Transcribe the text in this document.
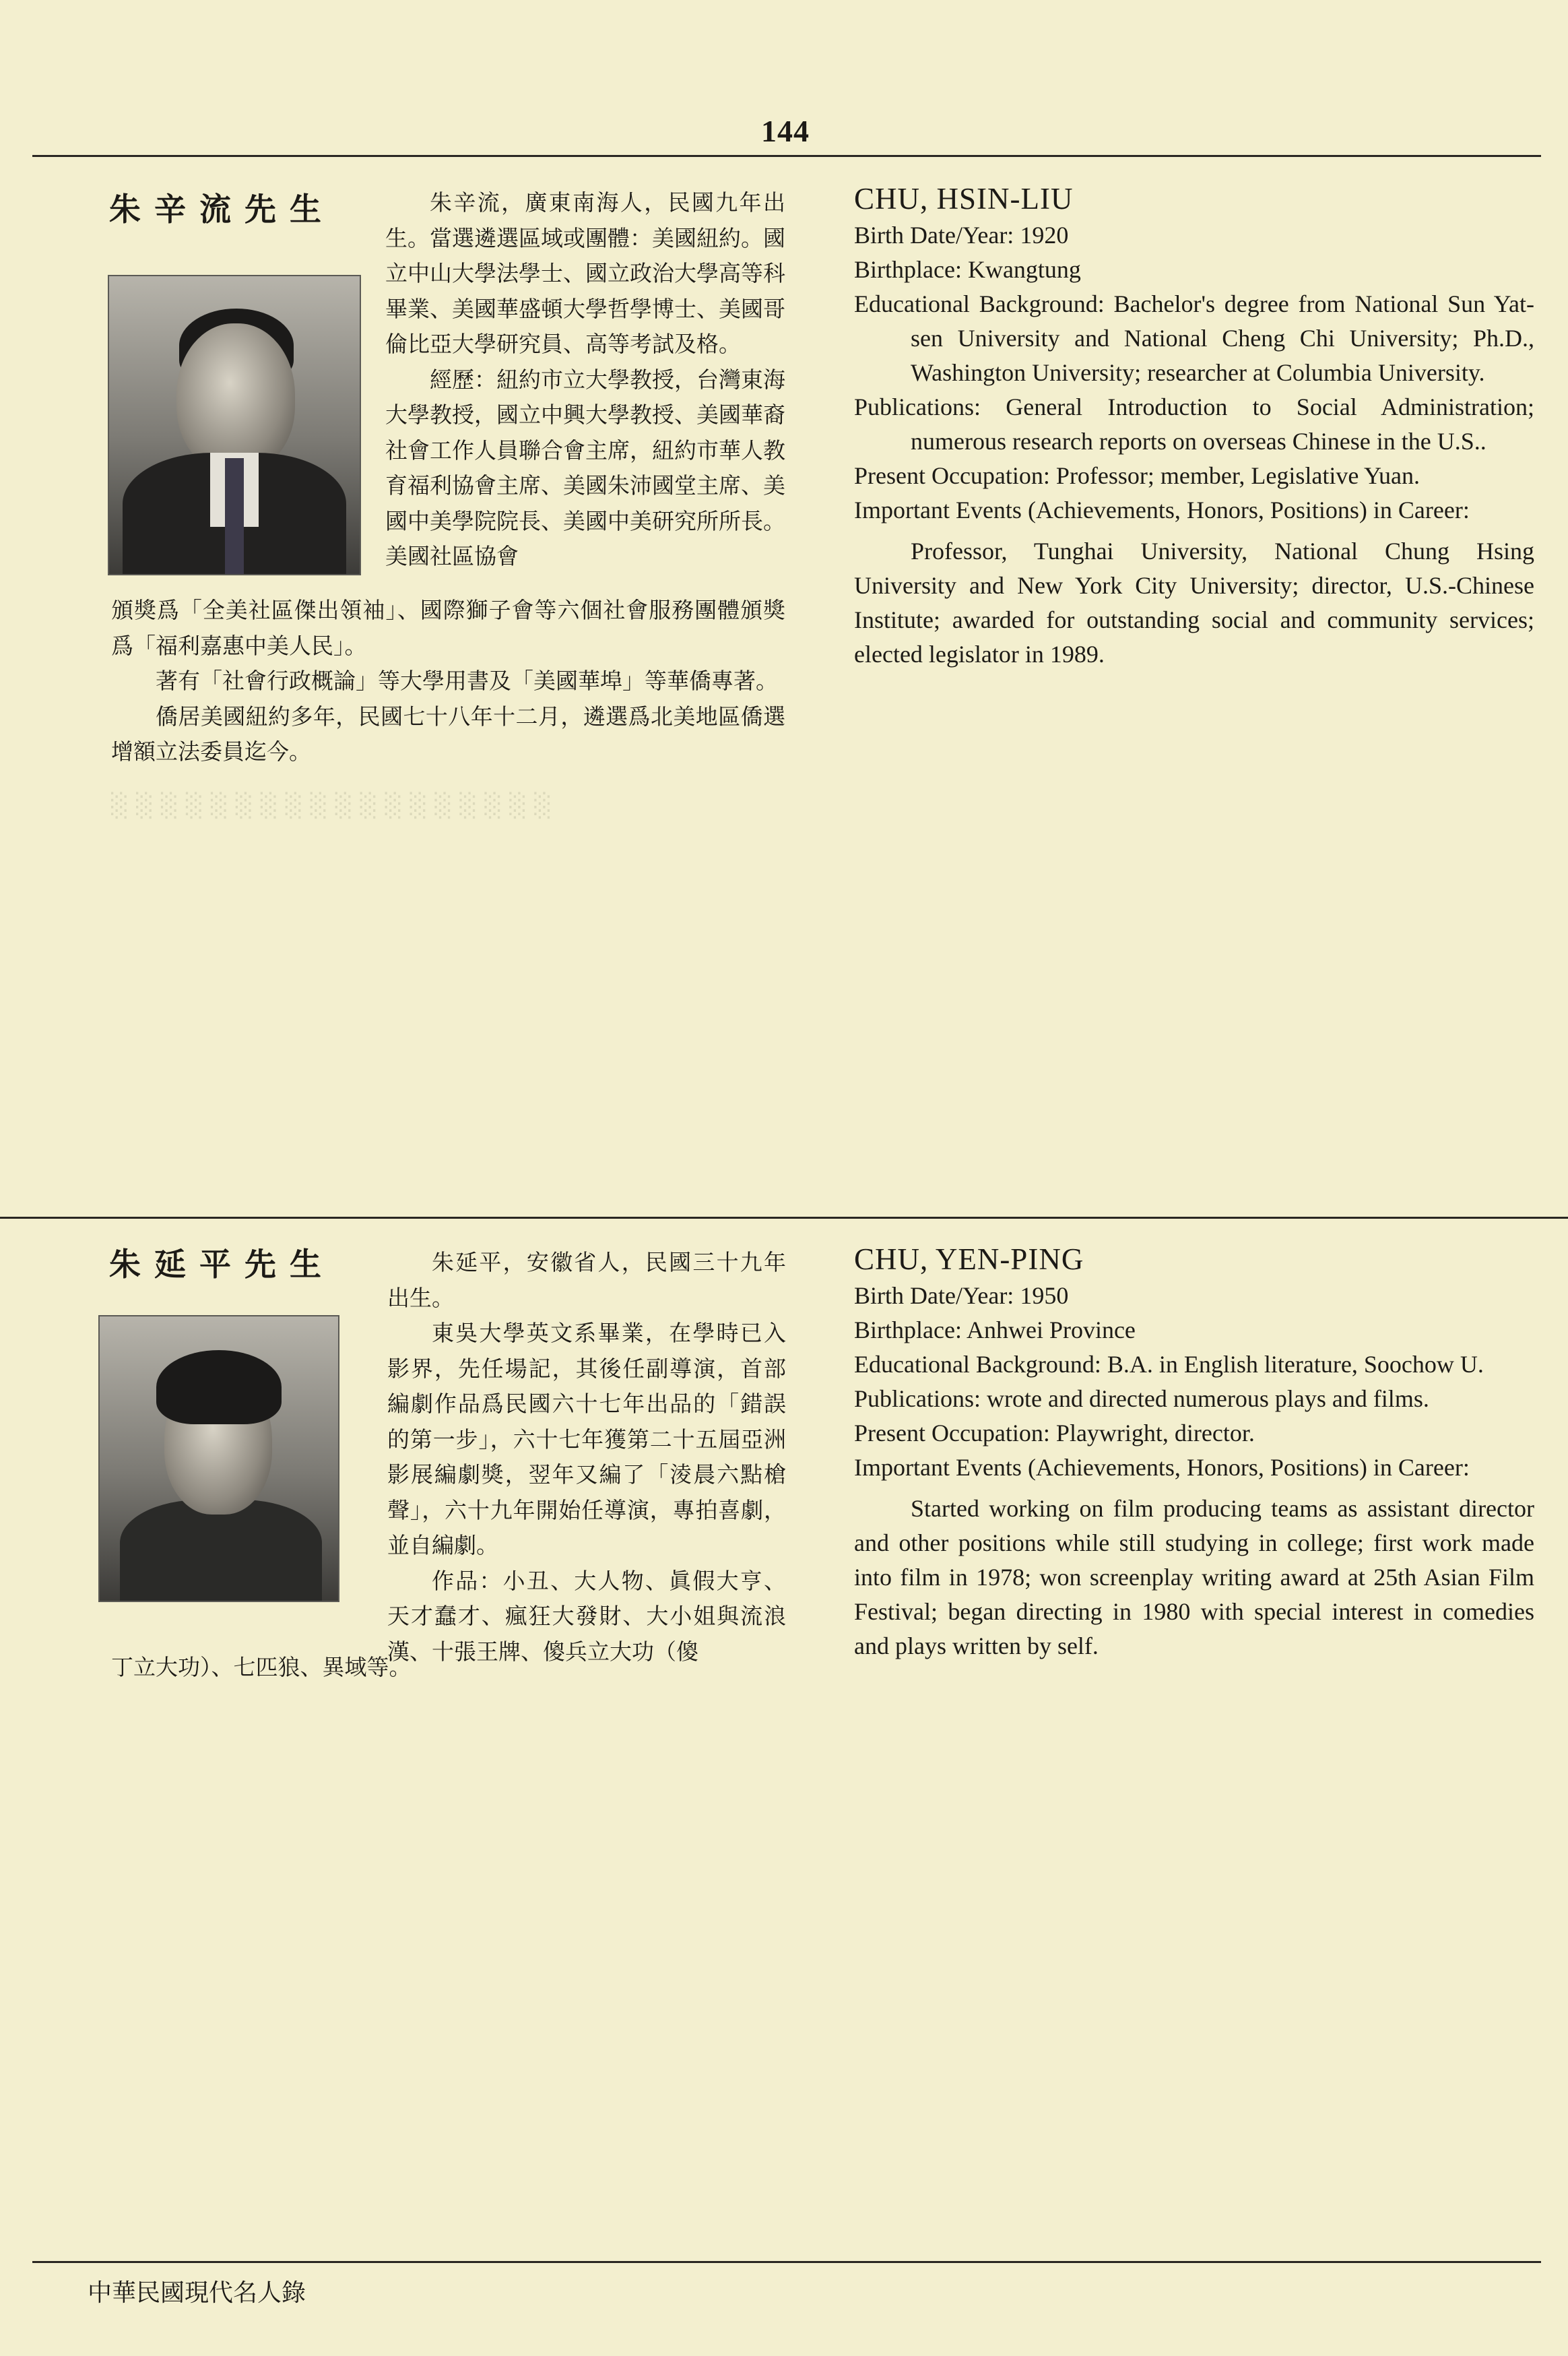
144
朱辛流先生	朱辛流，廣東南海人，民國九年出生。當選遴選區域或團體：美國紐約。國立中山大學法學士、國立政治大學高等科畢業、美國華盛頓大學哲學博士、美國哥倫比亞大學研究員、高等考試及格。

經歷：紐約市立大學教授，台灣東海大學教授，國立中興大學教授、美國華裔社會工作人員聯合會主席，紐約市華人教育福利協會主席、美國朱沛國堂主席、美國中美學院院長、美國中美研究所所長。美國社區協會

頒獎爲「全美社區傑出領袖」、國際獅子會等六個社會服務團體頒獎爲「福利嘉惠中美人民」。

著有「社會行政概論」等大學用書及「美國華埠」等華僑專著。

僑居美國紐約多年，民國七十八年十二月，遴選爲北美地區僑選增額立法委員迄今。

CHU, HSIN-LIU

Birth Date/Year: 1920

Birthplace: Kwangtung

Educational Background: Bachelor's degree from National Sun Yat-sen University and National Cheng Chi University; Ph.D., Washington University; researcher at Columbia University.

Publications: General Introduction to Social Administration; numerous research reports on overseas Chinese in the U.S..

Present Occupation: Professor; member, Legislative Yuan.

Important Events (Achievements, Honors, Positions) in Career:

Professor, Tunghai University, National Chung Hsing University and New York City University; director, U.S.-Chinese Institute; awarded for outstanding social and community services; elected legislator in 1989.

░ ░ ░ ░ ░ ░ ░ ░ ░ ░ ░ ░ ░ ░ ░ ░ ░ ░
朱延平先生	朱延平，安徽省人，民國三十九年出生。

東吳大學英文系畢業，在學時已入影界，先任場記，其後任副導演，首部編劇作品爲民國六十七年出品的「錯誤的第一步」，六十七年獲第二十五屆亞洲影展編劇獎，翌年又編了「淩晨六點槍聲」，六十九年開始任導演，專拍喜劇，並自編劇。

作品：小丑、大人物、眞假大亨、天才蠢才、瘋狂大發財、大小姐與流浪漢、十張王牌、傻兵立大功（傻

丁立大功）、七匹狼、異域等。

CHU, YEN-PING

Birth Date/Year: 1950

Birthplace: Anhwei Province

Educational Background: B.A. in English literature, Soochow U.

Publications: wrote and directed numerous plays and films.

Present Occupation: Playwright, director.

Important Events (Achievements, Honors, Positions) in Career:

Started working on film producing teams as assistant director and other positions while still studying in college; first work made into film in 1978; won screenplay writing award at 25th Asian Film Festival; began directing in 1980 with special interest in comedies and plays written by self.

中華民國現代名人錄
